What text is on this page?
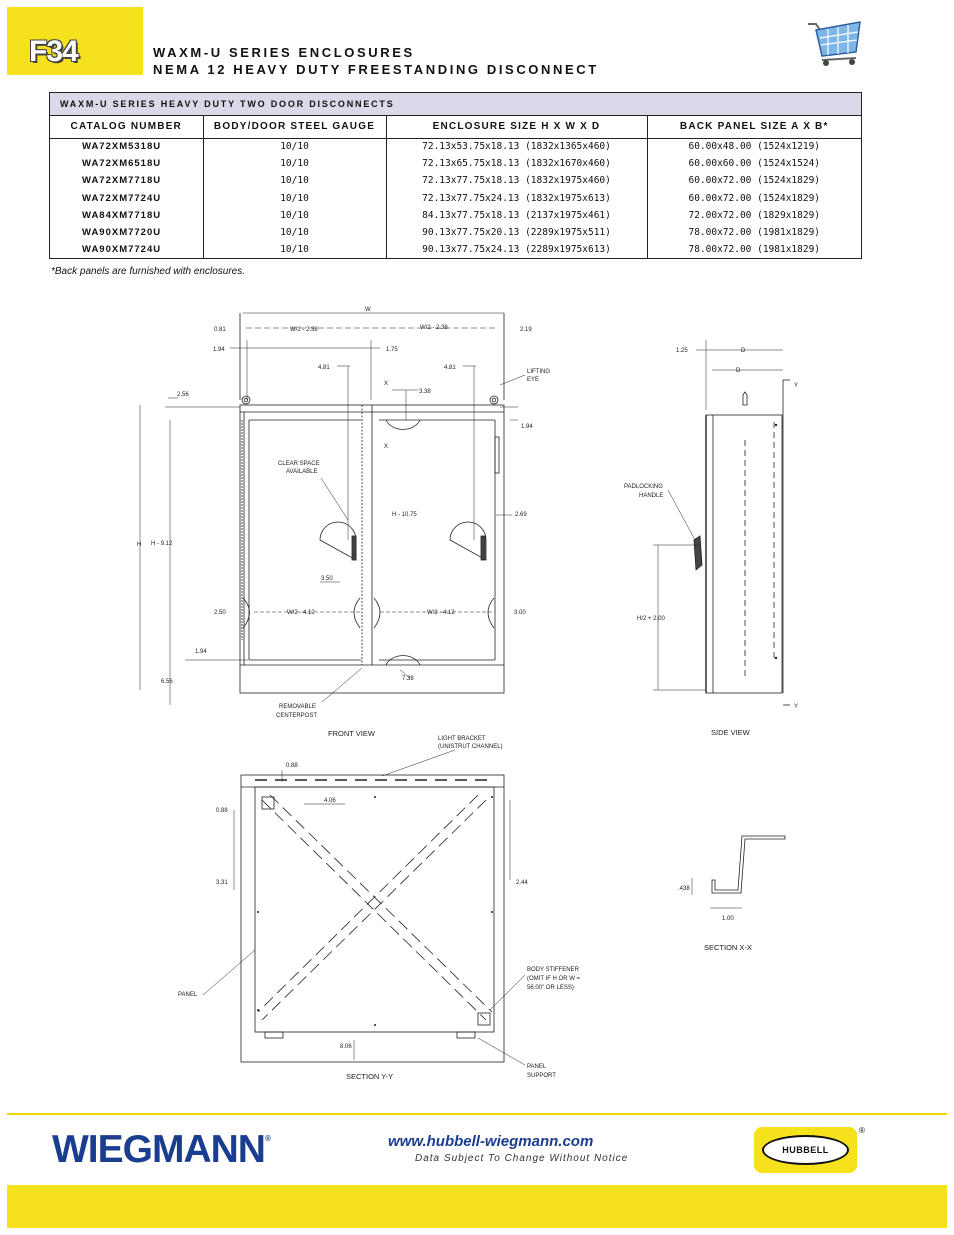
F34	WAXM-U SERIES ENCLOSURES
NEMA 12 HEAVY DUTY FREESTANDING DISCONNECT
WAXM-U SERIES HEAVY DUTY TWO DOOR DISCONNECTS
CATALOG NUMBER	BODY/DOOR STEEL GAUGE	ENCLOSURE SIZE H X W X D	BACK PANEL SIZE A X B*
WA72XM5318U	10/10	72.13x53.75x18.13 (1832x1365x460)	60.00x48.00 (1524x1219)
WA72XM6518U	10/10	72.13x65.75x18.13 (1832x1670x460)	60.00x60.00 (1524x1524)
WA72XM7718U	10/10	72.13x77.75x18.13 (1832x1975x460)	60.00x72.00 (1524x1829)
WA72XM7724U	10/10	72.13x77.75x24.13 (1832x1975x613)	60.00x72.00 (1524x1829)
WA84XM7718U	10/10	84.13x77.75x18.13 (2137x1975x461)	72.00x72.00 (1829x1829)
WA90XM7720U	10/10	90.13x77.75x20.13 (2289x1975x511)	78.00x72.00 (1981x1829)
WA90XM7724U	10/10	90.13x77.75x24.13 (2289x1975x613)	78.00x72.00 (1981x1829)
*Back panels are furnished with enclosures.
W
W/2 - 2.38	W/2 - 2.38
0.81	2.19
1.94	1.75
4.81	4.81
X
X
3.38
LIFTING
EYE
2.56
1.94
CLEAR SPACE
AVAILABLE
H - 10.75	2.69
H H - 9.12
3.50
2.50	W/2 - 4.12	W/2 - 4.12	3.00
1.94
6.56	7.38
REMOVABLE
CENTERPOST
FRONT VIEW
1.25	D
D
Y
Y
PADLOCKING
HANDLE
H/2 + 2.00
SIDE VIEW
0.88
LIGHT BRACKET
(UNISTRUT CHANNEL)
0.88
4.06
3.31	2.44
PANEL
BODY STIFFENER
(OMIT IF H OR W =
56.00" OR LESS)
8.06
PANEL
SUPPORT
SECTION Y-Y
.438
1.00
SECTION X-X
WIEGMANN®	www.hubbell-wiegmann.com
Data Subject To Change Without Notice
HUBBELL
®
